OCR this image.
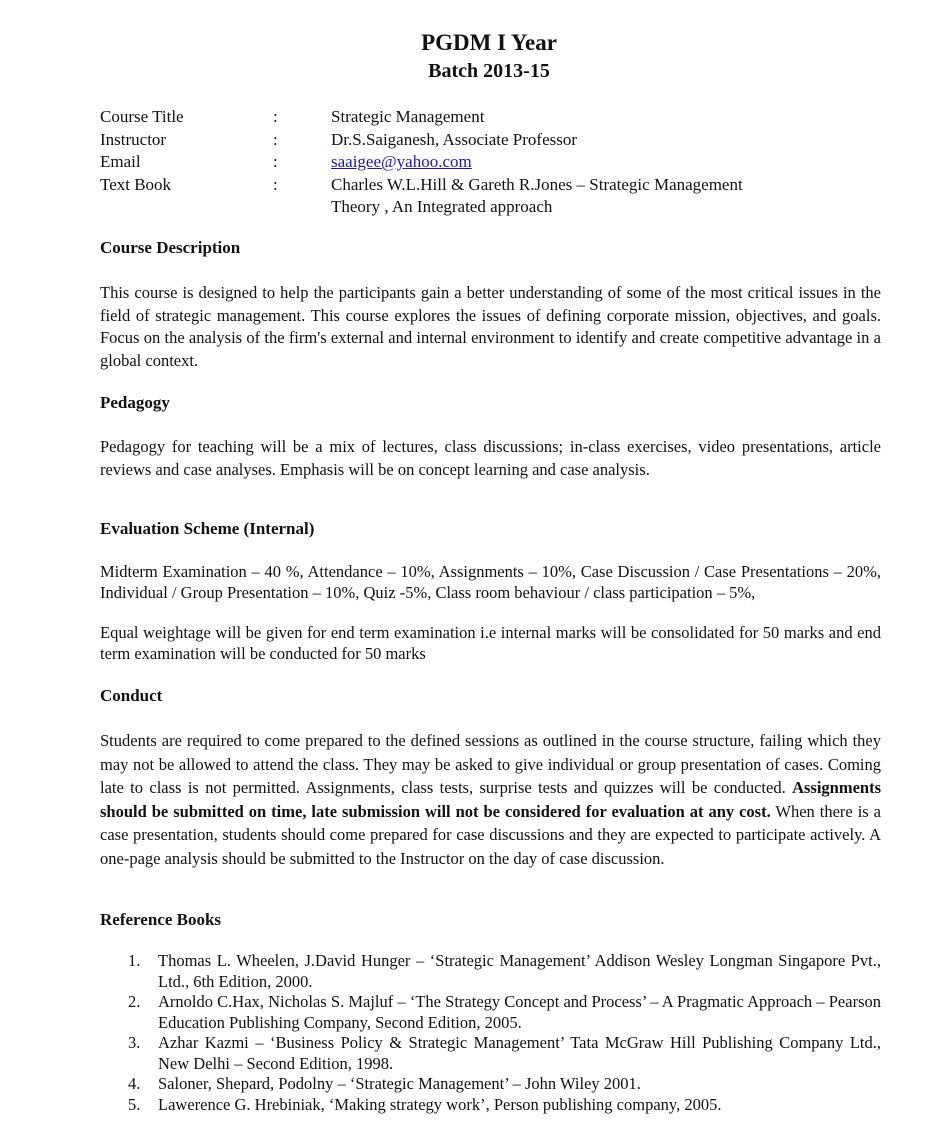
PGDM I Year
Batch 2013-15
Course Title	:	Strategic Management
Instructor	:	Dr.S.Saiganesh, Associate Professor
Email	:	saaigee@yahoo.com
Text Book	:	Charles W.L.Hill & Gareth R.Jones – Strategic Management
Theory , An Integrated approach
Course Description

This course is designed to help the participants gain a better understanding of some of the most critical issues in the field of strategic management. This course explores the issues of defining corporate mission, objectives, and goals. Focus on the analysis of the firm's external and internal environment to identify and create competitive advantage in a global context.

Pedagogy

Pedagogy for teaching will be a mix of lectures, class discussions; in-class exercises, video presentations, article reviews and case analyses. Emphasis will be on concept learning and case analysis.

Evaluation Scheme (Internal)

Midterm Examination – 40 %, Attendance – 10%, Assignments – 10%, Case Discussion / Case Presentations – 20%, Individual / Group Presentation – 10%, Quiz -5%, Class room behaviour / class participation – 5%,

Equal weightage will be given for end term examination i.e internal marks will be consolidated for 50 marks and end term examination will be conducted for 50 marks

Conduct

Students are required to come prepared to the defined sessions as outlined in the course structure, failing which they may not be allowed to attend the class. They may be asked to give individual or group presentation of cases. Coming late to class is not permitted. Assignments, class tests, surprise tests and quizzes will be conducted. Assignments should be submitted on time, late submission will not be considered for evaluation at any cost. When there is a case presentation, students should come prepared for case discussions and they are expected to participate actively. A one-page analysis should be submitted to the Instructor on the day of case discussion.

Reference Books
1.	Thomas L. Wheelen, J.David Hunger – ‘Strategic Management’ Addison Wesley Longman Singapore Pvt., Ltd., 6th Edition, 2000.
2.	Arnoldo C.Hax, Nicholas S. Majluf – ‘The Strategy Concept and Process’ – A Pragmatic Approach – Pearson Education Publishing Company, Second Edition, 2005.
3.	Azhar Kazmi – ‘Business Policy & Strategic Management’ Tata McGraw Hill Publishing Company Ltd., New Delhi – Second Edition, 1998.
4.	Saloner, Shepard, Podolny – ‘Strategic Management’ – John Wiley 2001.
5.	Lawerence G. Hrebiniak, ‘Making strategy work’, Person publishing company, 2005.
